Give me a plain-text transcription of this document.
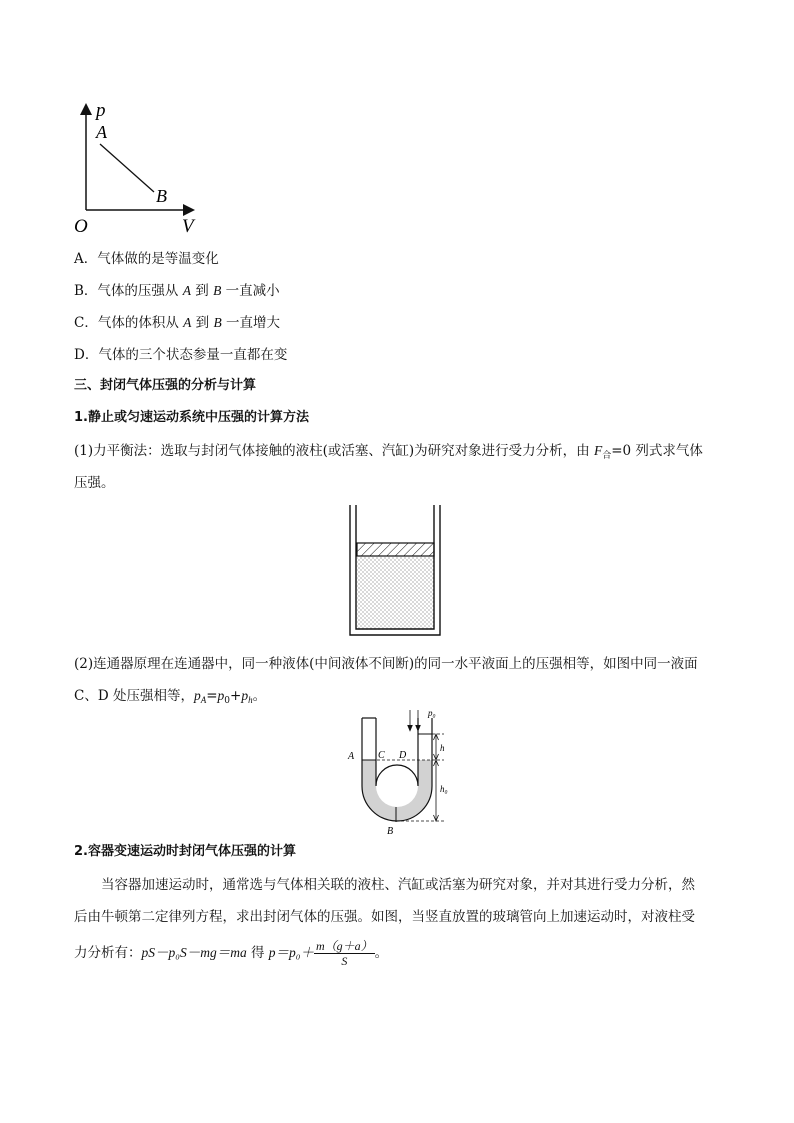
p
A
B
O	V
A．气体做的是等温变化
B．气体的压强从 A 到 B 一直减小
C．气体的体积从 A 到 B 一直增大
D．气体的三个状态参量一直都在变
三、封闭气体压强的分析与计算
1.静止或匀速运动系统中压强的计算方法
(1)力平衡法：选取与封闭气体接触的液柱(或活塞、汽缸)为研究对象进行受力分析，由 $F_合=0$ 列式求气体
压强。
(2)连通器原理在连通器中，同一种液体(中间液体不间断)的同一水平液面上的压强相等，如图中同一液面
C、D 处压强相等，$p_A=p_0+p_h$。
p₀
A C D
h
h₀
B
2.容器变速运动时封闭气体压强的计算
当容器加速运动时，通常选与气体相关联的液柱、汽缸或活塞为研究对象，并对其进行受力分析，然
后由牛顿第二定律列方程，求出封闭气体的压强。如图，当竖直放置的玻璃管向上加速运动时，对液柱受
力分析有：pS－p₀S－mg＝ma 得 $p=p_0+ \frac{m(g+a)}{S}$ 。
